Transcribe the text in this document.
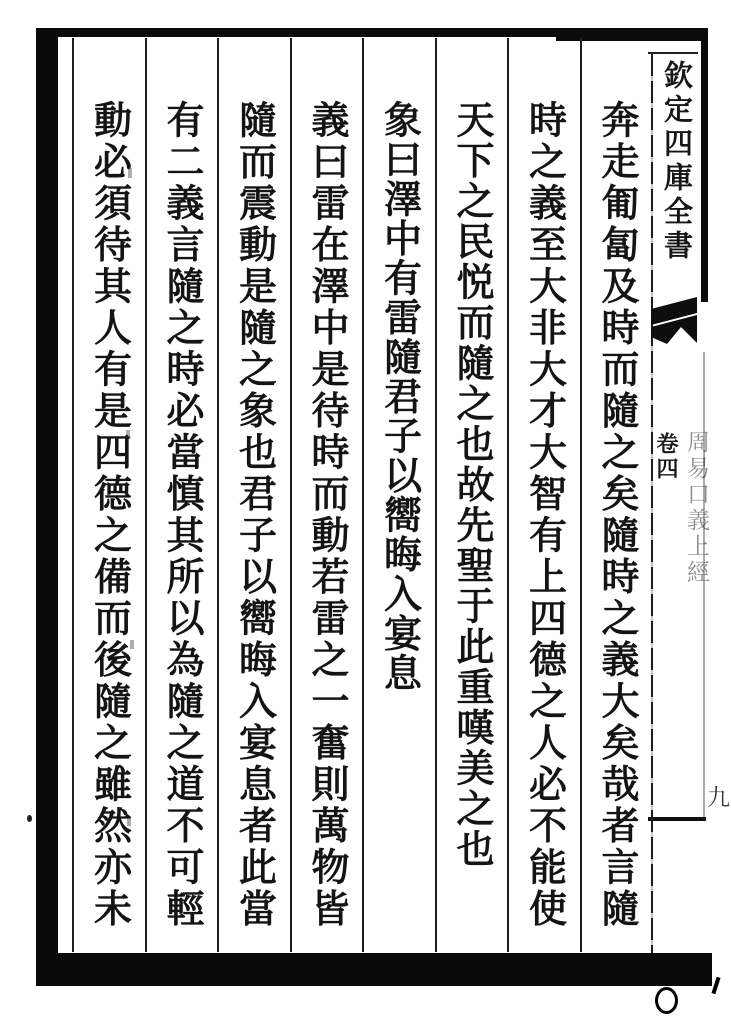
欽定四庫全書
周易口義上經
卷四
九
奔走匍匐及時而隨之矣隨時之義大矣哉者言隨
時之義至大非大才大智有上四德之人必不能使
天下之民悦而隨之也故先聖于此重嘆美之也
象曰澤中有雷隨君子以嚮晦入宴息
義曰雷在澤中是待時而動若雷之一奮則萬物皆
隨而震動是隨之象也君子以嚮晦入宴息者此當
有二義言隨之時必當慎其所以為隨之道不可輕
動必須待其人有是四德之備而後隨之雖然亦未
